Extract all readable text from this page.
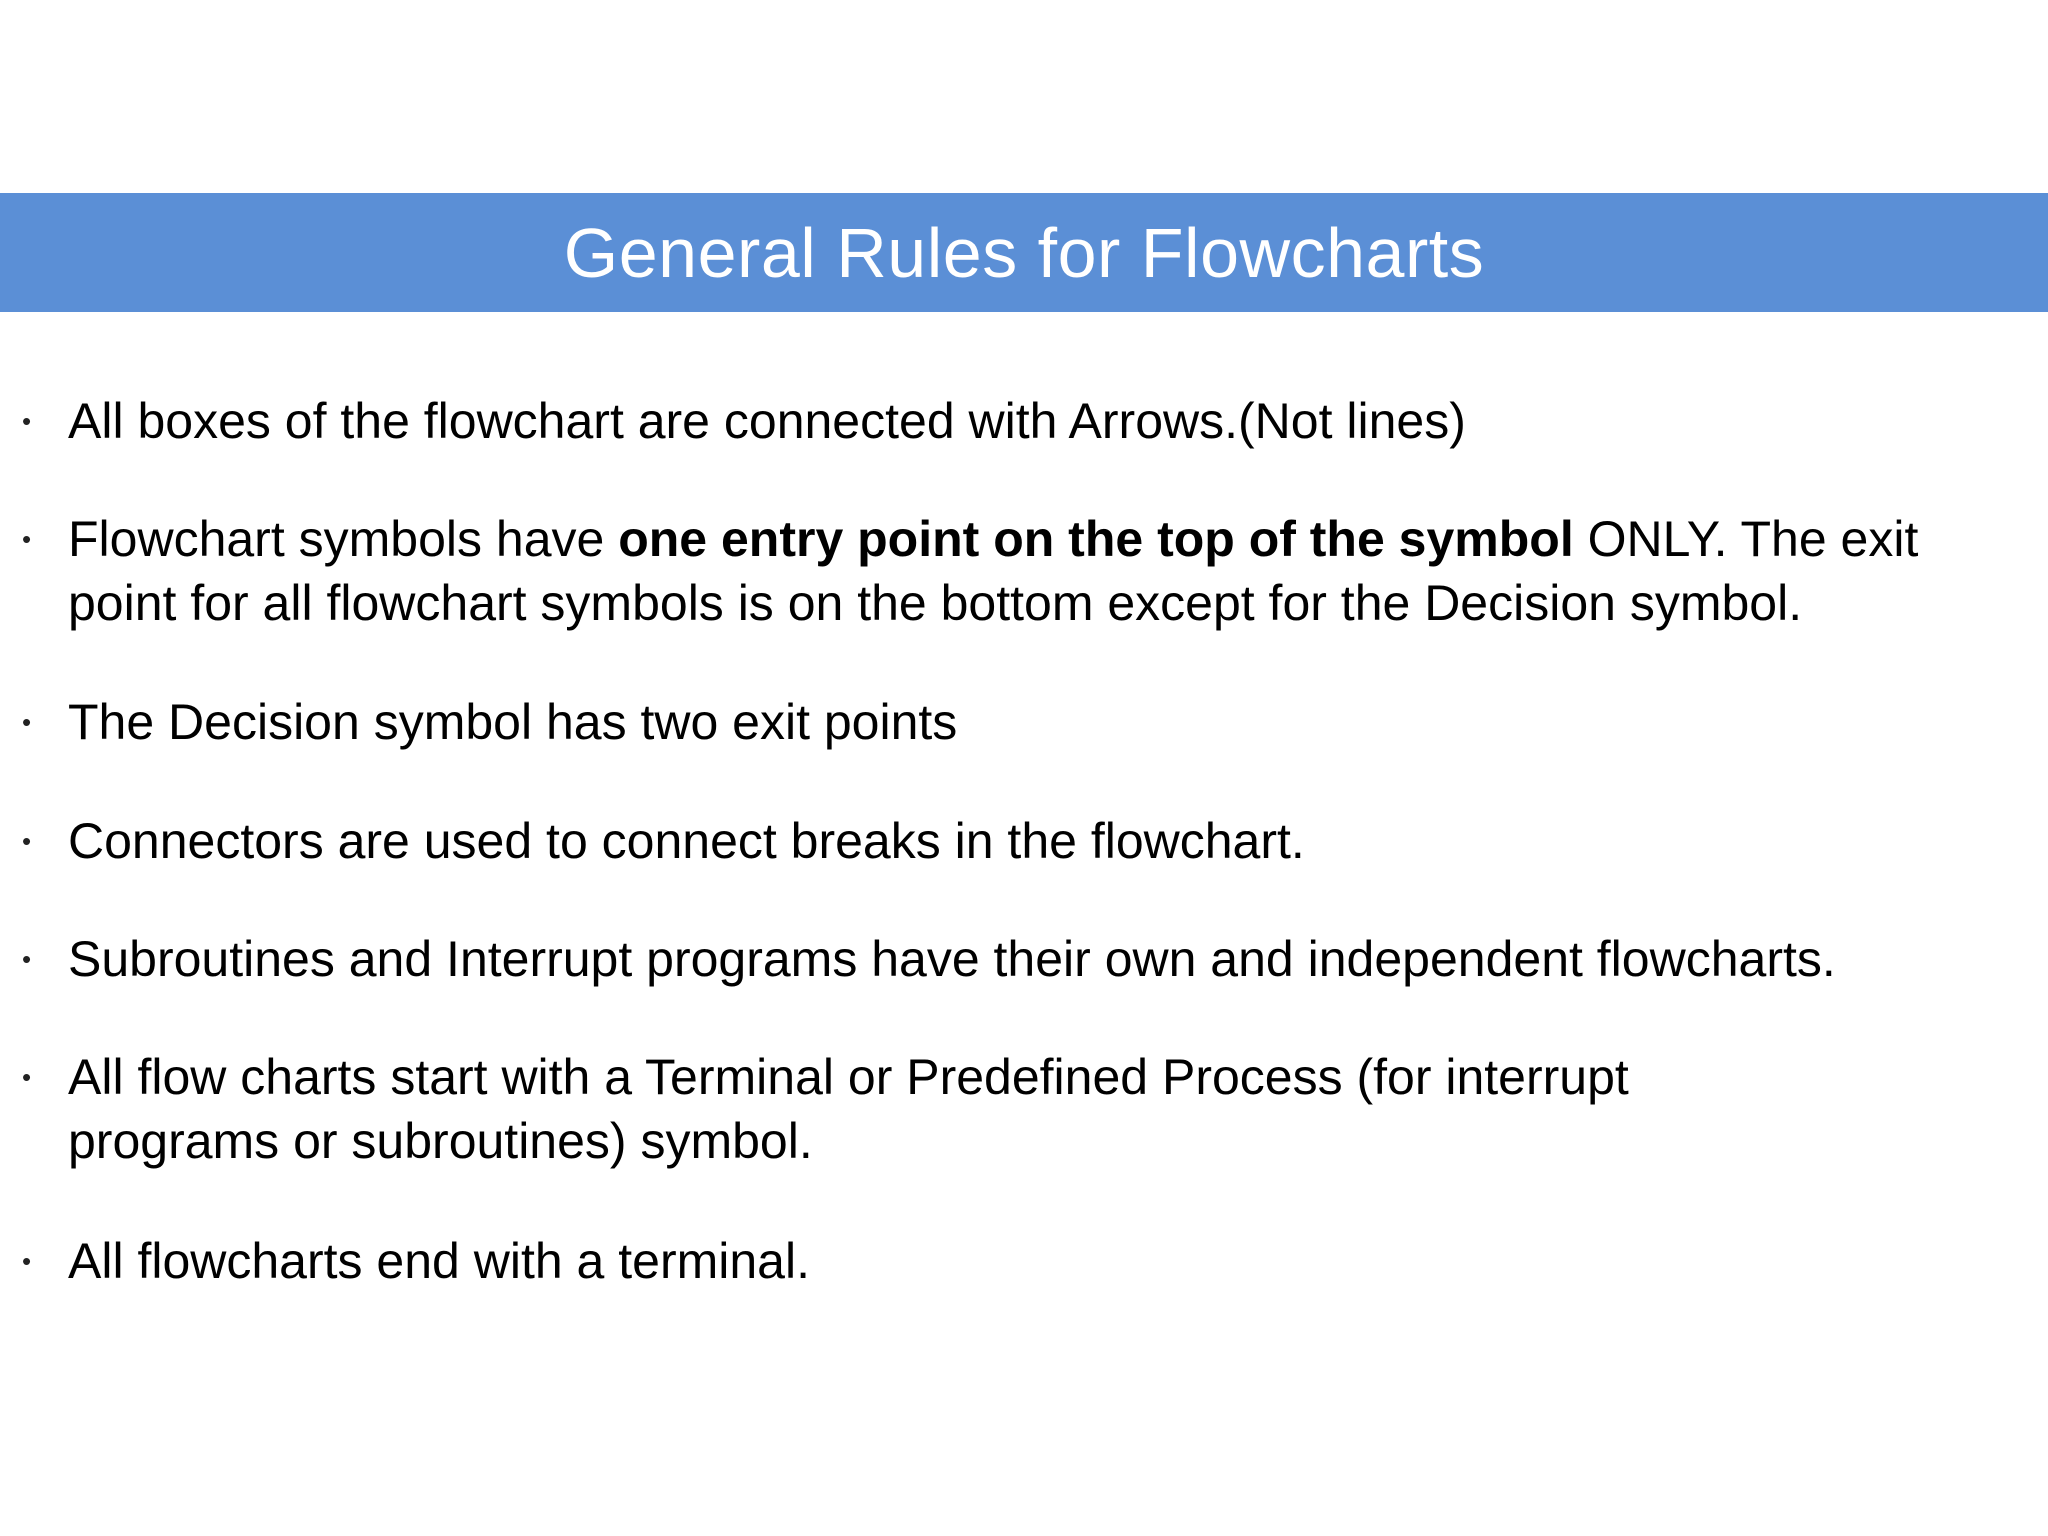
General Rules for Flowcharts
• All boxes of the flowchart are connected with Arrows.(Not lines)
• Flowchart symbols have one entry point on the top of the symbol ONLY. The exit
point for all flowchart symbols is on the bottom except for the Decision symbol.
• The Decision symbol has two exit points
• Connectors are used to connect breaks in the flowchart.
• Subroutines and Interrupt programs have their own and independent flowcharts.
• All flow charts start with a Terminal or Predefined Process (for interrupt
programs or subroutines) symbol.
• All flowcharts end with a terminal.
